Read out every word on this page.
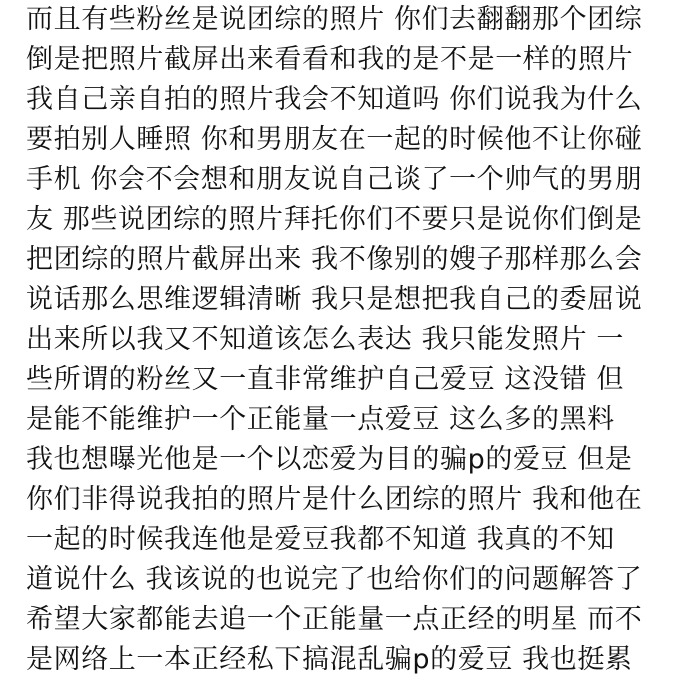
而且有些粉丝是说团综的照片 你们去翻翻那个团综
倒是把照片截屏出来看看和我的是不是一样的照片
我自己亲自拍的照片我会不知道吗 你们说我为什么
要拍别人睡照 你和男朋友在一起的时候他不让你碰
手机 你会不会想和朋友说自己谈了一个帅气的男朋
友 那些说团综的照片拜托你们不要只是说你们倒是
把团综的照片截屏出来 我不像别的嫂子那样那么会
说话那么思维逻辑清晰 我只是想把我自己的委屈说
出来所以我又不知道该怎么表达 我只能发照片 一
些所谓的粉丝又一直非常维护自己爱豆 这没错 但
是能不能维护一个正能量一点爱豆 这么多的黑料
我也想曝光他是一个以恋爱为目的骗p的爱豆 但是
你们非得说我拍的照片是什么团综的照片 我和他在
一起的时候我连他是爱豆我都不知道 我真的不知
道说什么 我该说的也说完了也给你们的问题解答了
希望大家都能去追一个正能量一点正经的明星 而不
是网络上一本正经私下搞混乱骗p的爱豆 我也挺累
